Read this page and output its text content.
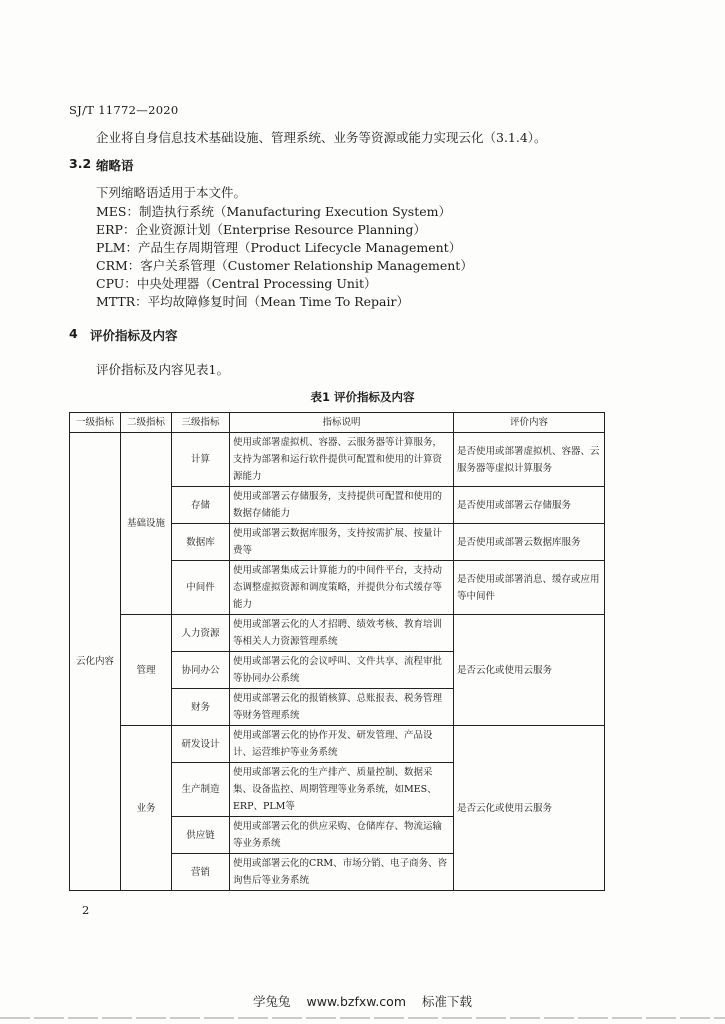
SJ/T 11772—2020
企业将自身信息技术基础设施、管理系统、业务等资源或能力实现云化（3.1.4）。
3.2 缩略语
下列缩略语适用于本文件。
MES：制造执行系统（Manufacturing Execution System）
ERP：企业资源计划（Enterprise Resource Planning）
PLM：产品生存周期管理（Product Lifecycle Management）
CRM：客户关系管理（Customer Relationship Management）
CPU：中央处理器（Central Processing Unit）
MTTR：平均故障修复时间（Mean Time To Repair）
4 评价指标及内容
评价指标及内容见表1。
表1 评价指标及内容
一级指标	二级指标	三级指标	指标说明	评价内容
云化内容	基础设施	计算	使用或部署虚拟机、容器、云服务器等计算服务，支持为部署和运行软件提供可配置和使用的计算资源能力	是否使用或部署虚拟机、容器、云服务器等虚拟计算服务
		存储	使用或部署云存储服务，支持提供可配置和使用的数据存储能力	是否使用或部署云存储服务
		数据库	使用或部署云数据库服务，支持按需扩展、按量计费等	是否使用或部署云数据库服务
		中间件	使用或部署集成云计算能力的中间件平台，支持动态调整虚拟资源和调度策略，并提供分布式缓存等能力	是否使用或部署消息、缓存或应用等中间件
	管理	人力资源	使用或部署云化的人才招聘、绩效考核、教育培训等相关人力资源管理系统	是否云化或使用云服务
		协同办公	使用或部署云化的会议呼叫、文件共享、流程审批等协同办公系统	
		财务	使用或部署云化的报销核算、总账报表、税务管理等财务管理系统	
	业务	研发设计	使用或部署云化的协作开发、研发管理、产品设计、运营维护等业务系统	是否云化或使用云服务
		生产制造	使用或部署云化的生产排产、质量控制、数据采集、设备监控、周期管理等业务系统，如MES、ERP、PLM等	
		供应链	使用或部署云化的供应采购、仓储库存、物流运输等业务系统	
		营销	使用或部署云化的CRM、市场分销、电子商务、咨询售后等业务系统	
2
学兔兔 www.bzfxw.com 标准下载
